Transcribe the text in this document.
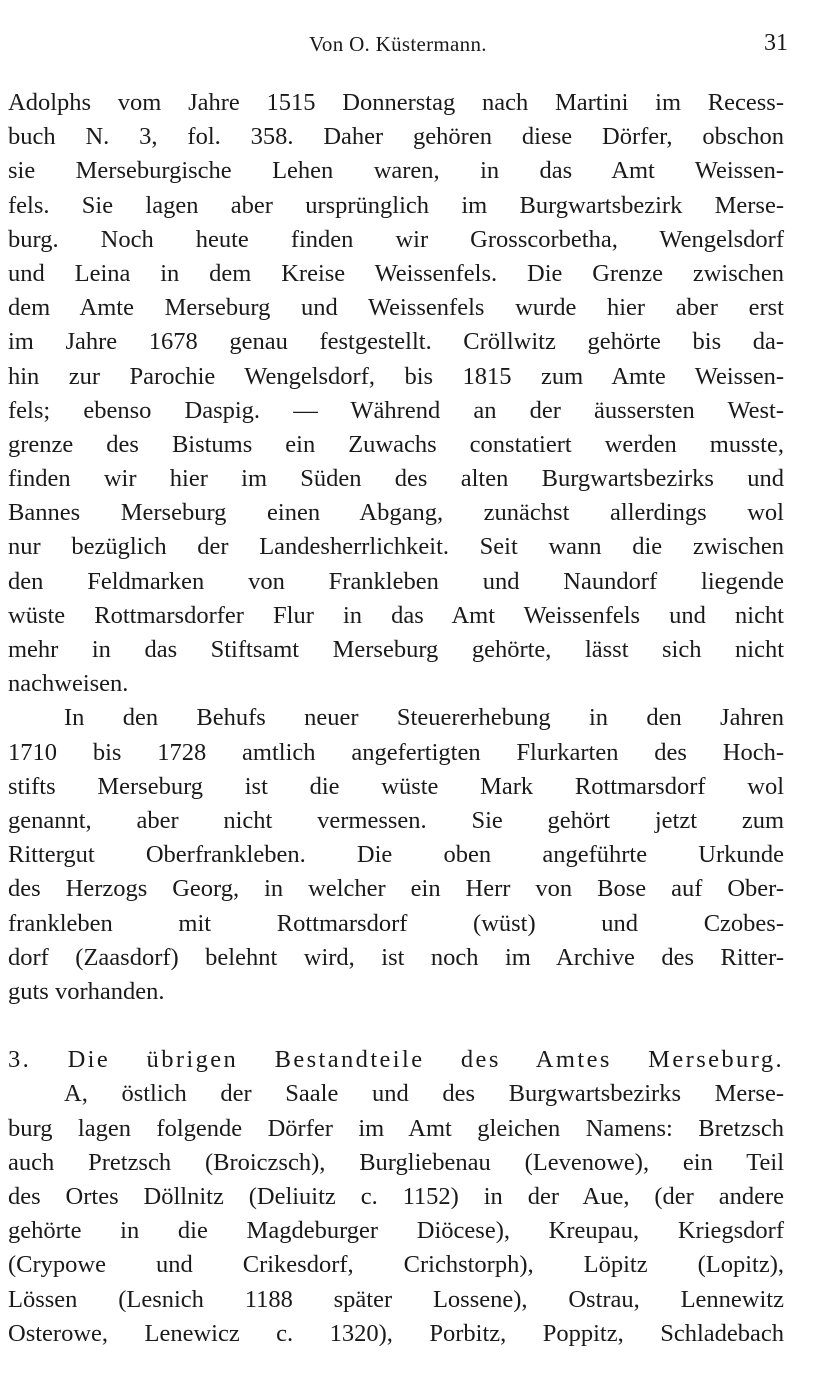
Von O. Küstermann.	31
Adolphs vom Jahre 1515 Donnerstag nach Martini im Recess-
buch N. 3, fol. 358. Daher gehören diese Dörfer, obschon
sie Merseburgische Lehen waren, in das Amt Weissen-
fels. Sie lagen aber ursprünglich im Burgwartsbezirk Merse-
burg. Noch heute finden wir Grosscorbetha, Wengelsdorf
und Leina in dem Kreise Weissenfels. Die Grenze zwischen
dem Amte Merseburg und Weissenfels wurde hier aber erst
im Jahre 1678 genau festgestellt. Cröllwitz gehörte bis da-
hin zur Parochie Wengelsdorf, bis 1815 zum Amte Weissen-
fels; ebenso Daspig. — Während an der äussersten West-
grenze des Bistums ein Zuwachs constatiert werden musste,
finden wir hier im Süden des alten Burgwartsbezirks und
Bannes Merseburg einen Abgang, zunächst allerdings wol
nur bezüglich der Landesherrlichkeit. Seit wann die zwischen
den Feldmarken von Frankleben und Naundorf liegende
wüste Rottmarsdorfer Flur in das Amt Weissenfels und nicht
mehr in das Stiftsamt Merseburg gehörte, lässt sich nicht
nachweisen.
In den Behufs neuer Steuererhebung in den Jahren
1710 bis 1728 amtlich angefertigten Flurkarten des Hoch-
stifts Merseburg ist die wüste Mark Rottmarsdorf wol
genannt, aber nicht vermessen. Sie gehört jetzt zum
Rittergut Oberfrankleben. Die oben angeführte Urkunde
des Herzogs Georg, in welcher ein Herr von Bose auf Ober-
frankleben mit Rottmarsdorf (wüst) und Czobes-
dorf (Zaasdorf) belehnt wird, ist noch im Archive des Ritter-
guts vorhanden.
3. Die übrigen Bestandteile des Amtes Merseburg.
A, östlich der Saale und des Burgwartsbezirks Merse-
burg lagen folgende Dörfer im Amt gleichen Namens: Bretzsch
auch Pretzsch (Broiczsch), Burgliebenau (Levenowe), ein Teil
des Ortes Döllnitz (Deliuitz c. 1152) in der Aue, (der andere
gehörte in die Magdeburger Diöcese), Kreupau, Kriegsdorf
(Crypowe und Crikesdorf, Crichstorph), Löpitz (Lopitz),
Lössen (Lesnich 1188 später Lossene), Ostrau, Lennewitz
Osterowe, Lenewicz c. 1320), Porbitz, Poppitz, Schladebach
